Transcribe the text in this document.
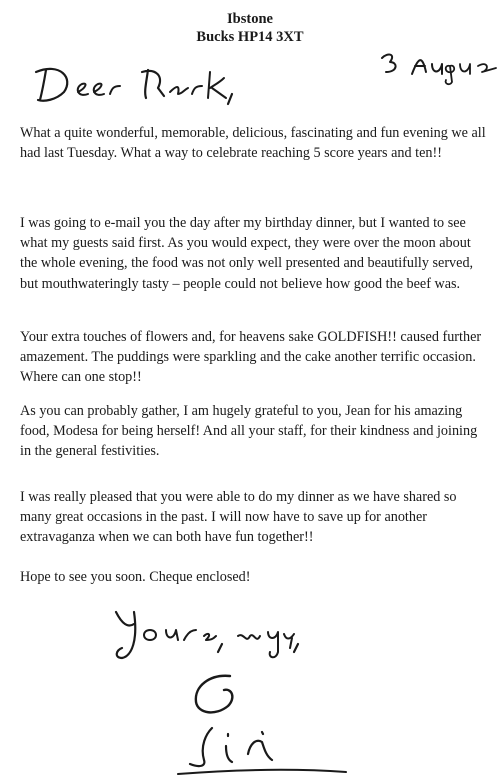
Ibstone
Bucks HP14 3XT

What a quite wonderful, memorable, delicious, fascinating and fun evening we all had last Tuesday. What a way to celebrate reaching 5 score years and ten!!

I was going to e-mail you the day after my birthday dinner, but I wanted to see what my guests said first. As you would expect, they were over the moon about the whole evening, the food was not only well presented and beautifully served, but mouthwateringly tasty – people could not believe how good the beef was.

Your extra touches of flowers and, for heavens sake GOLDFISH!! caused further amazement. The puddings were sparkling and the cake another terrific occasion. Where can one stop!!

As you can probably gather, I am hugely grateful to you, Jean for his amazing food, Modesa for being herself! And all your staff, for their kindness and joining in the general festivities.

I was really pleased that you were able to do my dinner as we have shared so many great occasions in the past. I will now have to save up for another extravaganza when we can both have fun together!!

Hope to see you soon. Cheque enclosed!
